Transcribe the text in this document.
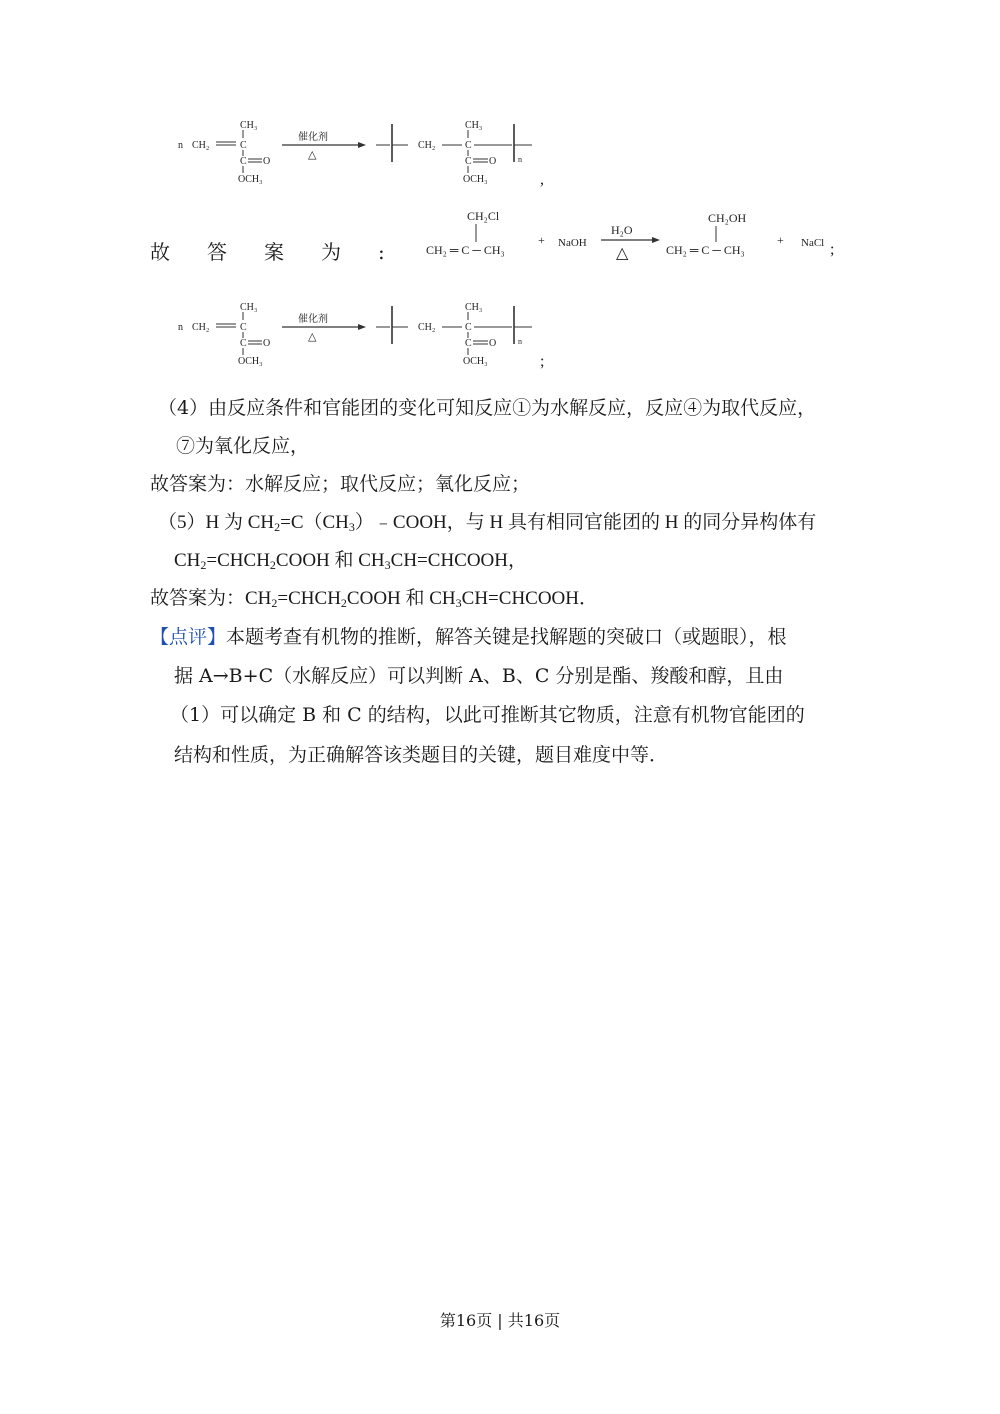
n CH₂
CH₃
C
C O
OCH₃
催化剂
△
CH₂
CH₃
C
C O
OCH₃
n
,
故 答 案 为 :
CH₂Cl
CH₂ ═ C ─ CH₃
+ NaOH
H₂O
△
CH₂OH
CH₂ ═ C ─ CH₃
+ NaCl ;
n CH₂
CH₃
C
C O
OCH₃
催化剂
△
CH₂
CH₃
C
C O
OCH₃
n
;
（4）由反应条件和官能团的变化可知反应①为水解反应，反应④为取代反应，
⑦为氧化反应，
故答案为：水解反应；取代反应；氧化反应；
（5）H 为 $CH_2=C(CH_3)﹣COOH$，与 H 具有相同官能团的 H 的同分异构体有
$CH_2=CHCH_2COOH$ 和 $CH_3CH=CHCOOH$，
故答案为：$CH_2=CHCH_2COOH$ 和 $CH_3CH=CHCOOH$．
【点评】本题考查有机物的推断，解答关键是找解题的突破口（或题眼），根
据 A→B+C（水解反应）可以判断 A、B、C 分别是酯、羧酸和醇，且由
（1）可以确定 B 和 C 的结构，以此可推断其它物质，注意有机物官能团的
结构和性质，为正确解答该类题目的关键，题目难度中等．
第16页 | 共16页
